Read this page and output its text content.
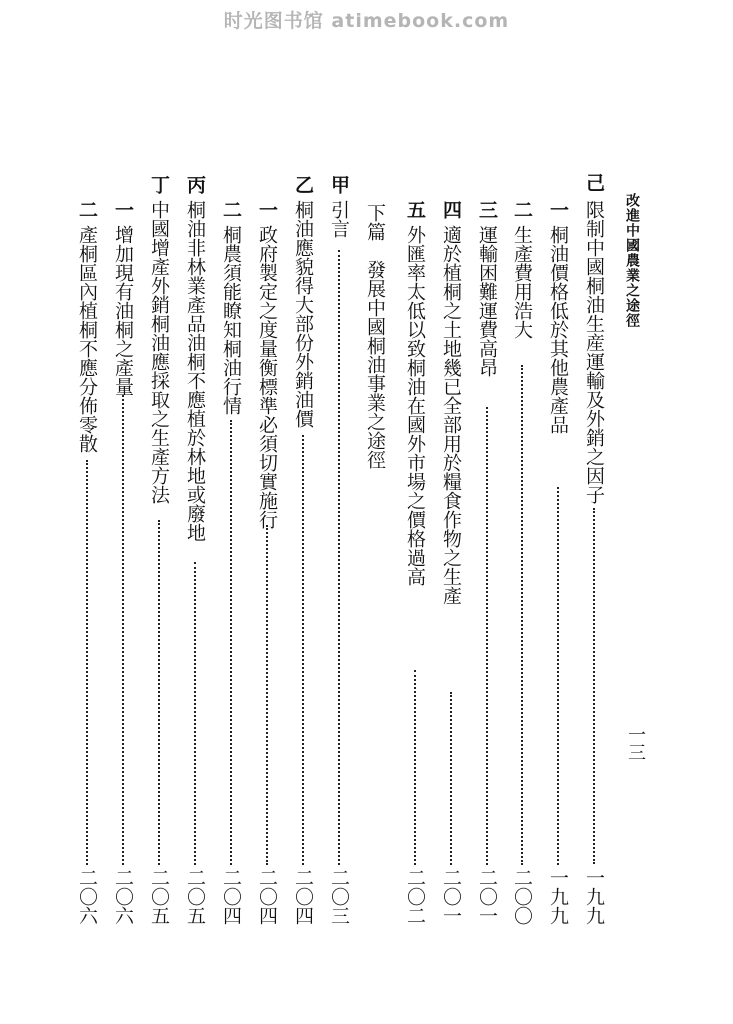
时光图书馆 atimebook.com
改進中國農業之途徑
一三
己
限制中國桐油生産運輸及外銷之因子
一九九
一
桐油價格低於其他農產品
一九九
二
生產費用浩大
二〇〇
三
運輸困難運費高昂
二〇一
四
適於植桐之土地幾已全部用於糧食作物之生產
二〇一
五
外匯率太低以致桐油在國外市場之價格過高
二〇二
下篇　發展中國桐油事業之途徑
甲
引言
二〇三
乙
桐油應貌得大部份外銷油價
二〇四
一
政府製定之度量衡標準必須切實施行
二〇四
二
桐農須能瞭知桐油行情
二〇四
丙
桐油非林業產品油桐不應植於林地或廢地
二〇五
丁
中國增產外銷桐油應採取之生產方法
二〇五
一
增加現有油桐之產量
二〇六
二
產桐區內植桐不應分佈零散
二〇六
